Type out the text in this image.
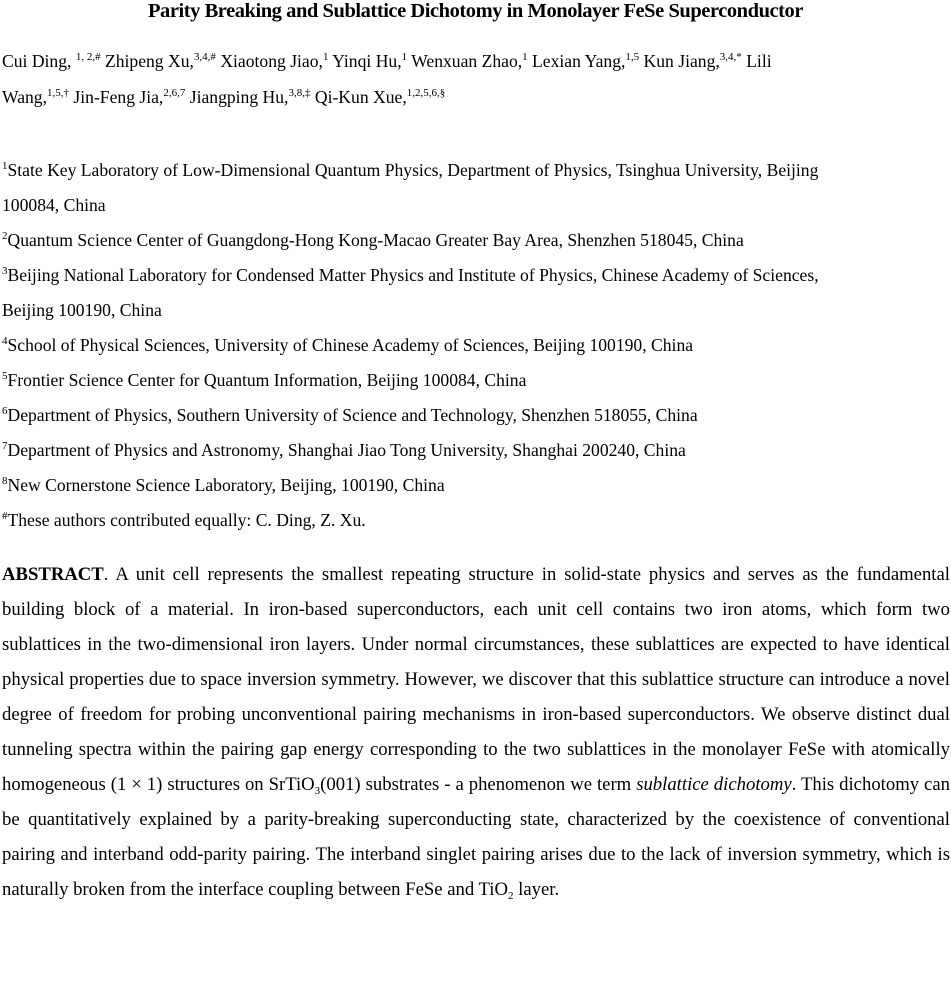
Parity Breaking and Sublattice Dichotomy in Monolayer FeSe Superconductor
Cui Ding, $^{1, 2,\#}$ Zhipeng Xu,$^{3,4,\#}$ Xiaotong Jiao,$^1$ Yinqi Hu,$^1$ Wenxuan Zhao,$^1$ Lexian Yang,$^{1,5}$ Kun Jiang,$^{3,4,*}$ Lili
Wang,$^{1,5,\dagger}$ Jin-Feng Jia,$^{2,6,7}$ Jiangping Hu,$^{3,8,\ddagger}$ Qi-Kun Xue,$^{1,2,5,6,\S}$
$^1$State Key Laboratory of Low-Dimensional Quantum Physics, Department of Physics, Tsinghua University, Beijing
100084, China
$^2$Quantum Science Center of Guangdong-Hong Kong-Macao Greater Bay Area, Shenzhen 518045, China
$^3$Beijing National Laboratory for Condensed Matter Physics and Institute of Physics, Chinese Academy of Sciences,
Beijing 100190, China
$^4$School of Physical Sciences, University of Chinese Academy of Sciences, Beijing 100190, China
$^5$Frontier Science Center for Quantum Information, Beijing 100084, China
$^6$Department of Physics, Southern University of Science and Technology, Shenzhen 518055, China
$^7$Department of Physics and Astronomy, Shanghai Jiao Tong University, Shanghai 200240, China
$^8$New Cornerstone Science Laboratory, Beijing, 100190, China
#These authors contributed equally: C. Ding, Z. Xu.
ABSTRACT. A unit cell represents the smallest repeating structure in solid-state physics and serves as the fundamental building block of a material. In iron-based superconductors, each unit cell contains two iron atoms, which form two sublattices in the two-dimensional iron layers. Under normal circumstances, these sublattices are expected to have identical physical properties due to space inversion symmetry. However, we discover that this sublattice structure can introduce a novel degree of freedom for probing unconventional pairing mechanisms in iron-based superconductors. We observe distinct dual tunneling spectra within the pairing gap energy corresponding to the two sublattices in the monolayer FeSe with atomically homogeneous (1 × 1) structures on SrTiO$_3$(001) substrates - a phenomenon we term sublattice dichotomy. This dichotomy can be quantitatively explained by a parity-breaking superconducting state, characterized by the coexistence of conventional pairing and interband odd-parity pairing. The interband singlet pairing arises due to the lack of inversion symmetry, which is naturally broken from the interface coupling between FeSe and TiO$_2$ layer.
